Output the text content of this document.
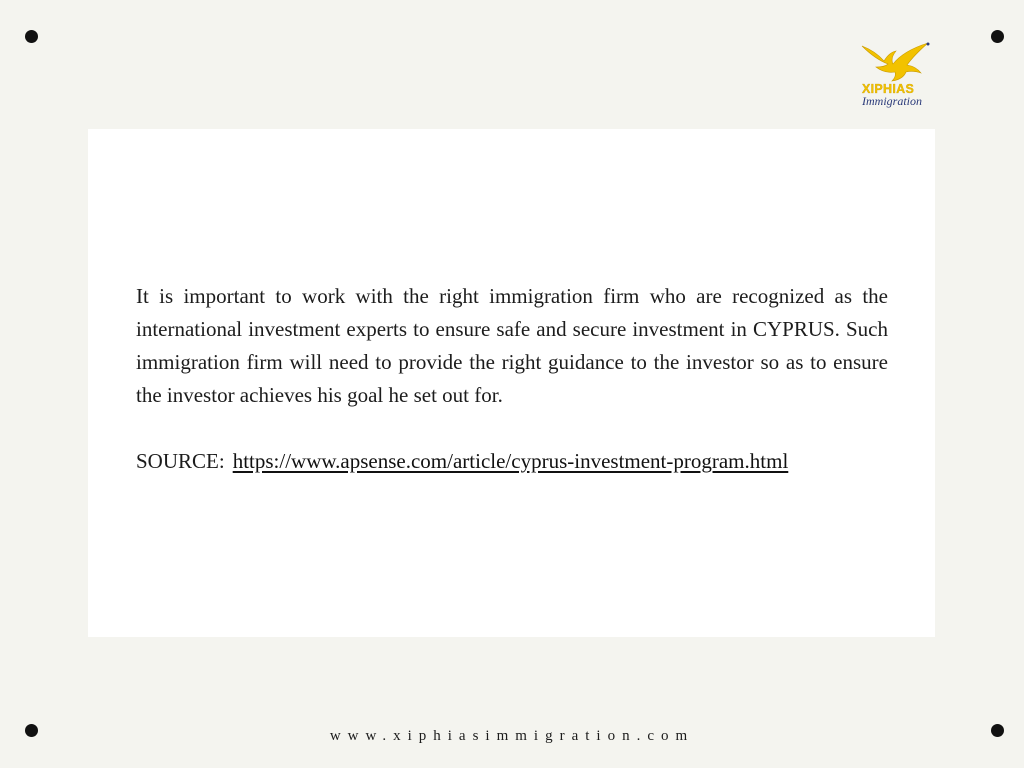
XIPHIAS
Immigration

It is important to work with the right immigration firm who are recognized as the international investment experts to ensure safe and secure investment in CYPRUS. Such immigration firm will need to provide the right guidance to the investor so as to ensure the investor achieves his goal he set out for.

SOURCE: https://www.apsense.com/article/cyprus-investment-program.html

www.xiphiasimmigration.com
